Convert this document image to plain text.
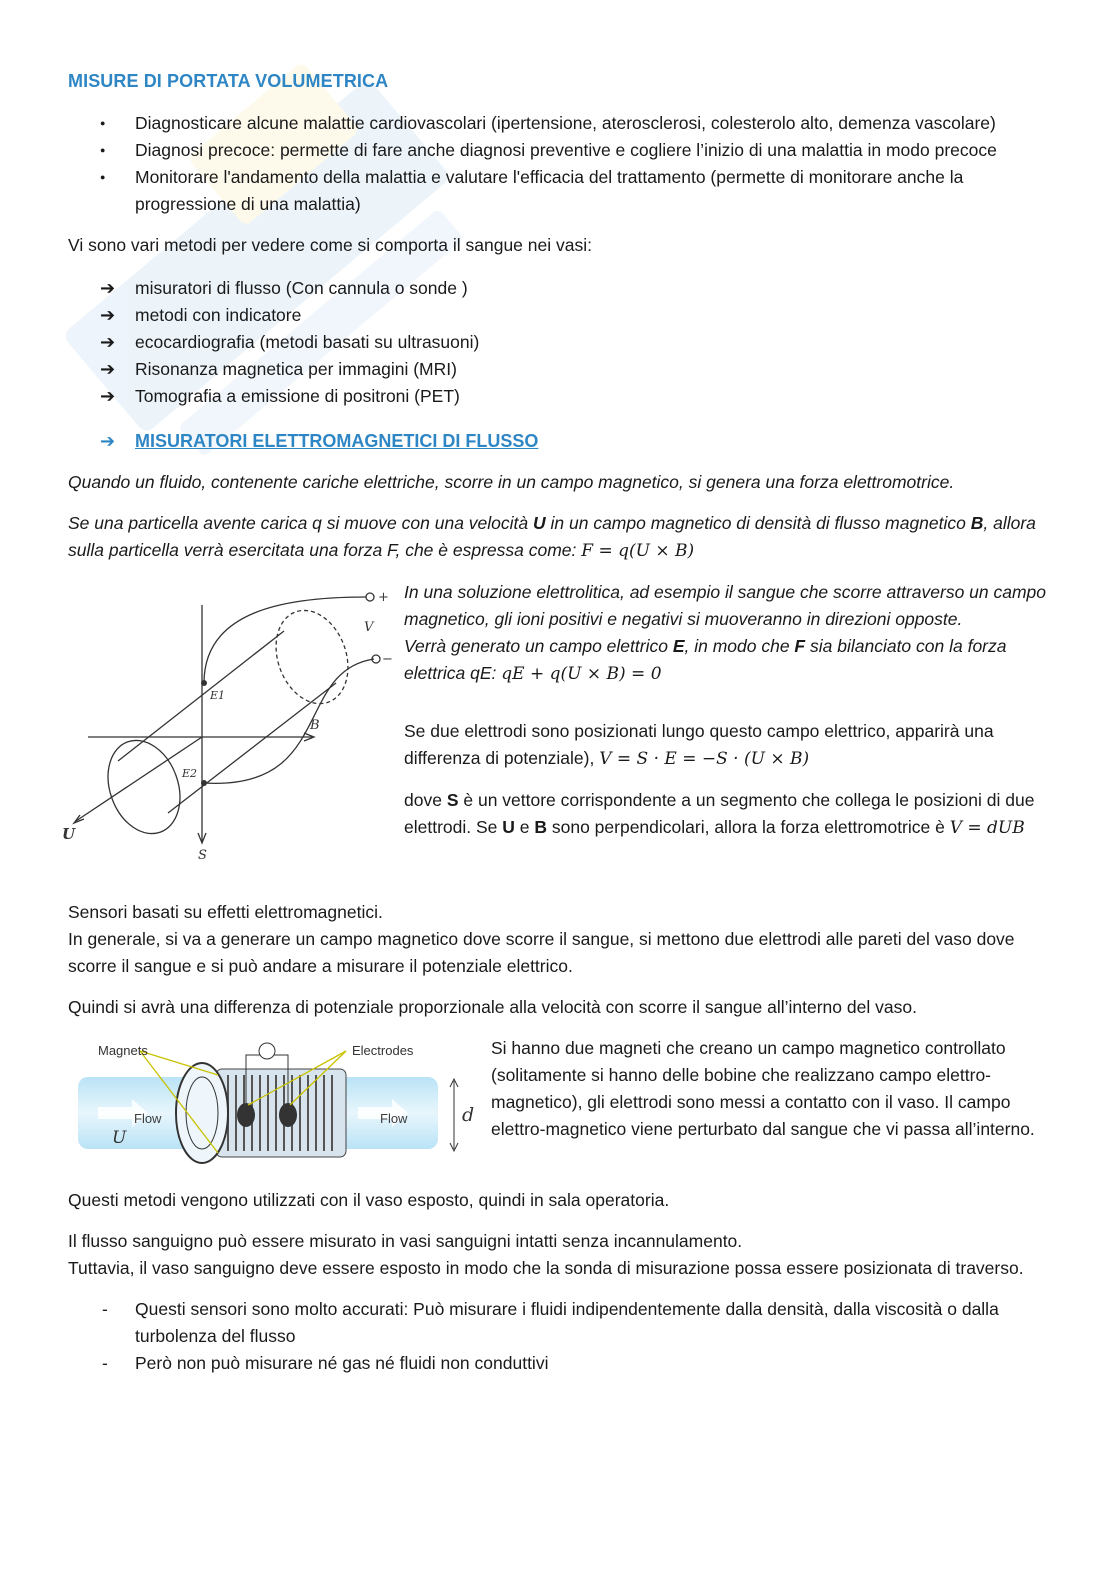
MISURE DI PORTATA VOLUMETRICA
●
Diagnosticare alcune malattie cardiovascolari (ipertensione, aterosclerosi, colesterolo alto, demenza vascolare)
●
Diagnosi precoce: permette di fare anche diagnosi preventive e cogliere l’inizio di una malattia in modo precoce
●
Monitorare l'andamento della malattia e valutare l'efficacia del trattamento (permette di monitorare anche la progressione di una malattia)

Vi sono vari metodi per vedere come si comporta il sangue nei vasi:

➔ misuratori di flusso (Con cannula o sonde )
➔ metodi con indicatore
➔ ecocardiografia (metodi basati su ultrasuoni)
➔ Risonanza magnetica per immagini (MRI)
➔ Tomografia a emissione di positroni (PET)
➔ MISURATORI ELETTROMAGNETICI DI FLUSSO

Quando un fluido, contenente cariche elettriche, scorre in un campo magnetico, si genera una forza elettromotrice.

Se una particella avente carica q si muove con una velocità U in un campo magnetico di densità di flusso magnetico B, allora sulla particella verrà esercitata una forza F, che è espressa come: F = q(U × B)

+
−
V
E1
E2
B
U
S

In una soluzione elettrolitica, ad esempio il sangue che scorre attraverso un campo magnetico, gli ioni positivi e negativi si muoveranno in direzioni opposte.

Verrà generato un campo elettrico E, in modo che F sia bilanciato con la forza elettrica qE: qE + q(U × B) = 0

Se due elettrodi sono posizionati lungo questo campo elettrico, apparirà una differenza di potenziale), V = S · E = −S · (U × B)

dove S è un vettore corrispondente a un segmento che collega le posizioni di due elettrodi. Se U e B sono perpendicolari, allora la forza elettromotrice è V = dUB

Sensori basati su effetti elettromagnetici.

In generale, si va a generare un campo magnetico dove scorre il sangue, si mettono due elettrodi alle pareti del vaso dove scorre il sangue e si può andare a misurare il potenziale elettrico.

Quindi si avrà una differenza di potenziale proporzionale alla velocità con scorre il sangue all’interno del vaso.

Magnets	Electrodes
Flow	Flow
U
d

Si hanno due magneti che creano un campo magnetico controllato (solitamente si hanno delle bobine che realizzano campo elettro-magnetico), gli elettrodi sono messi a contatto con il vaso. Il campo elettro-magnetico viene perturbato dal sangue che vi passa all’interno.

Questi metodi vengono utilizzati con il vaso esposto, quindi in sala operatoria.

Il flusso sanguigno può essere misurato in vasi sanguigni intatti senza incannulamento.

Tuttavia, il vaso sanguigno deve essere esposto in modo che la sonda di misurazione possa essere posizionata di traverso.

-	Questi sensori sono molto accurati: Può misurare i fluidi indipendentemente dalla densità, dalla viscosità o dalla turbolenza del flusso
-	Però non può misurare né gas né fluidi non conduttivi
